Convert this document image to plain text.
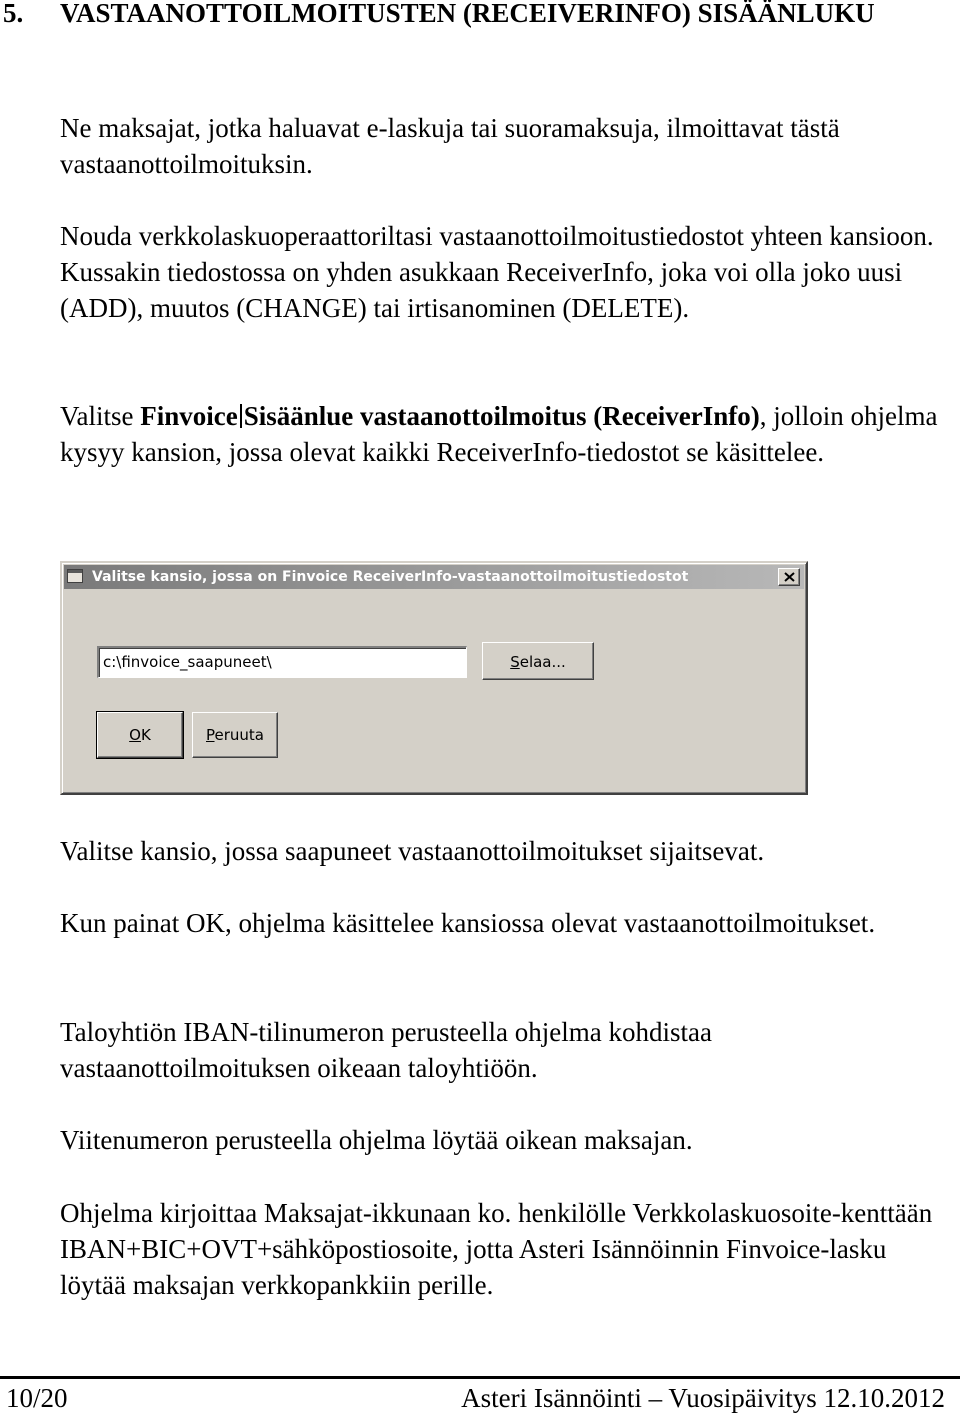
5. VASTAANOTTOILMOITUSTEN (RECEIVERINFO) SISÄÄNLUKU

Ne maksajat, jotka haluavat e-laskuja tai suoramaksuja, ilmoittavat tästä vastaanottoilmoituksin.

Nouda verkkolaskuoperaattoriltasi vastaanottoilmoitustiedostot yhteen kansioon. Kussakin tiedostossa on yhden asukkaan ReceiverInfo, joka voi olla joko uusi (ADD), muutos (CHANGE) tai irtisanominen (DELETE).

Valitse Finvoice Sisäänlue vastaanottoilmoitus (ReceiverInfo), jolloin ohjelma kysyy kansion, jossa olevat kaikki ReceiverInfo-tiedostot se käsittelee.

Valitse kansio, jossa on Finvoice ReceiverInfo-vastaanottoilmoitustiedostot
c:\finvoice_saapuneet\	Selaa...
OK	Peruuta

Valitse kansio, jossa saapuneet vastaanottoilmoitukset sijaitsevat.

Kun painat OK, ohjelma käsittelee kansiossa olevat vastaanottoilmoitukset.

Taloyhtiön IBAN-tilinumeron perusteella ohjelma kohdistaa vastaanottoilmoituksen oikeaan taloyhtiöön.

Viitenumeron perusteella ohjelma löytää oikean maksajan.

Ohjelma kirjoittaa Maksajat-ikkunaan ko. henkilölle Verkkolaskuosoite-kenttään IBAN+BIC+OVT+sähköpostiosoite, jotta Asteri Isännöinnin Finvoice-lasku löytää maksajan verkkopankkiin perille.

10/20	Asteri Isännöinti – Vuosipäivitys 12.10.2012
